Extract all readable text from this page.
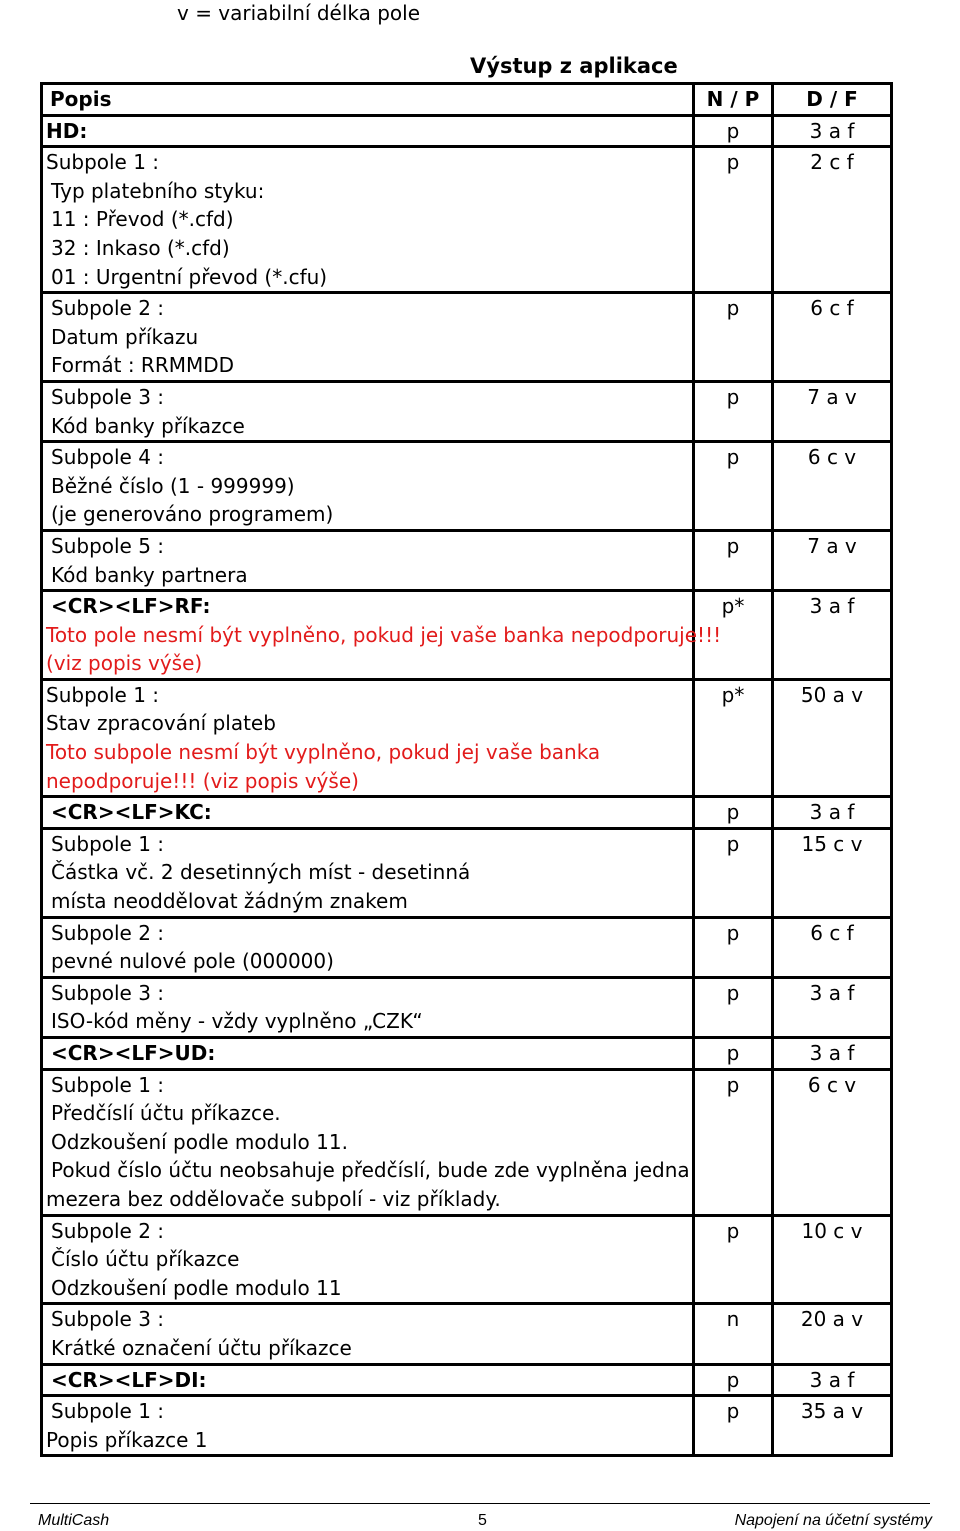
v = variabilní délka pole
Výstup z aplikace
Popis	N / P	D / F

HD:	p	3 a f

Subpole 1 :
Typ platebního styku:
11 : Převod (*.cfd)
32 : Inkaso (*.cfd)
01 : Urgentní převod (*.cfu)	p	2 c f

Subpole 2 :
Datum příkazu
Formát : RRMMDD	p	6 c f

Subpole 3 :
Kód banky příkazce	p	7 a v

Subpole 4 :
Běžné číslo (1 - 999999)
(je generováno programem)	p	6 c v

Subpole 5 :
Kód banky partnera	p	7 a v

<CR><LF>RF:
Toto pole nesmí být vyplněno, pokud jej vaše banka nepodporuje!!!
(viz popis výše)	p*	3 a f

Subpole 1 :
Stav zpracování plateb
Toto subpole nesmí být vyplněno, pokud jej vaše banka
nepodporuje!!! (viz popis výše)	p*	50 a v

<CR><LF>KC:	p	3 a f

Subpole 1 :
Částka vč. 2 desetinných míst - desetinná
místa neoddělovat žádným znakem	p	15 c v

Subpole 2 :
pevné nulové pole (000000)	p	6 c f

Subpole 3 :
ISO-kód měny - vždy vyplněno „CZK“	p	3 a f

<CR><LF>UD:	p	3 a f

Subpole 1 :
Předčíslí účtu příkazce.
Odzkoušení podle modulo 11.
Pokud číslo účtu neobsahuje předčíslí, bude zde vyplněna jedna
mezera bez oddělovače subpolí - viz příklady.	p	6 c v

Subpole 2 :
Číslo účtu příkazce
Odzkoušení podle modulo 11	p	10 c v

Subpole 3 :
Krátké označení účtu příkazce	n	20 a v

<CR><LF>DI:	p	3 a f

Subpole 1 :
Popis příkazce 1	p	35 a v
MultiCash	5	Napojení na účetní systémy
